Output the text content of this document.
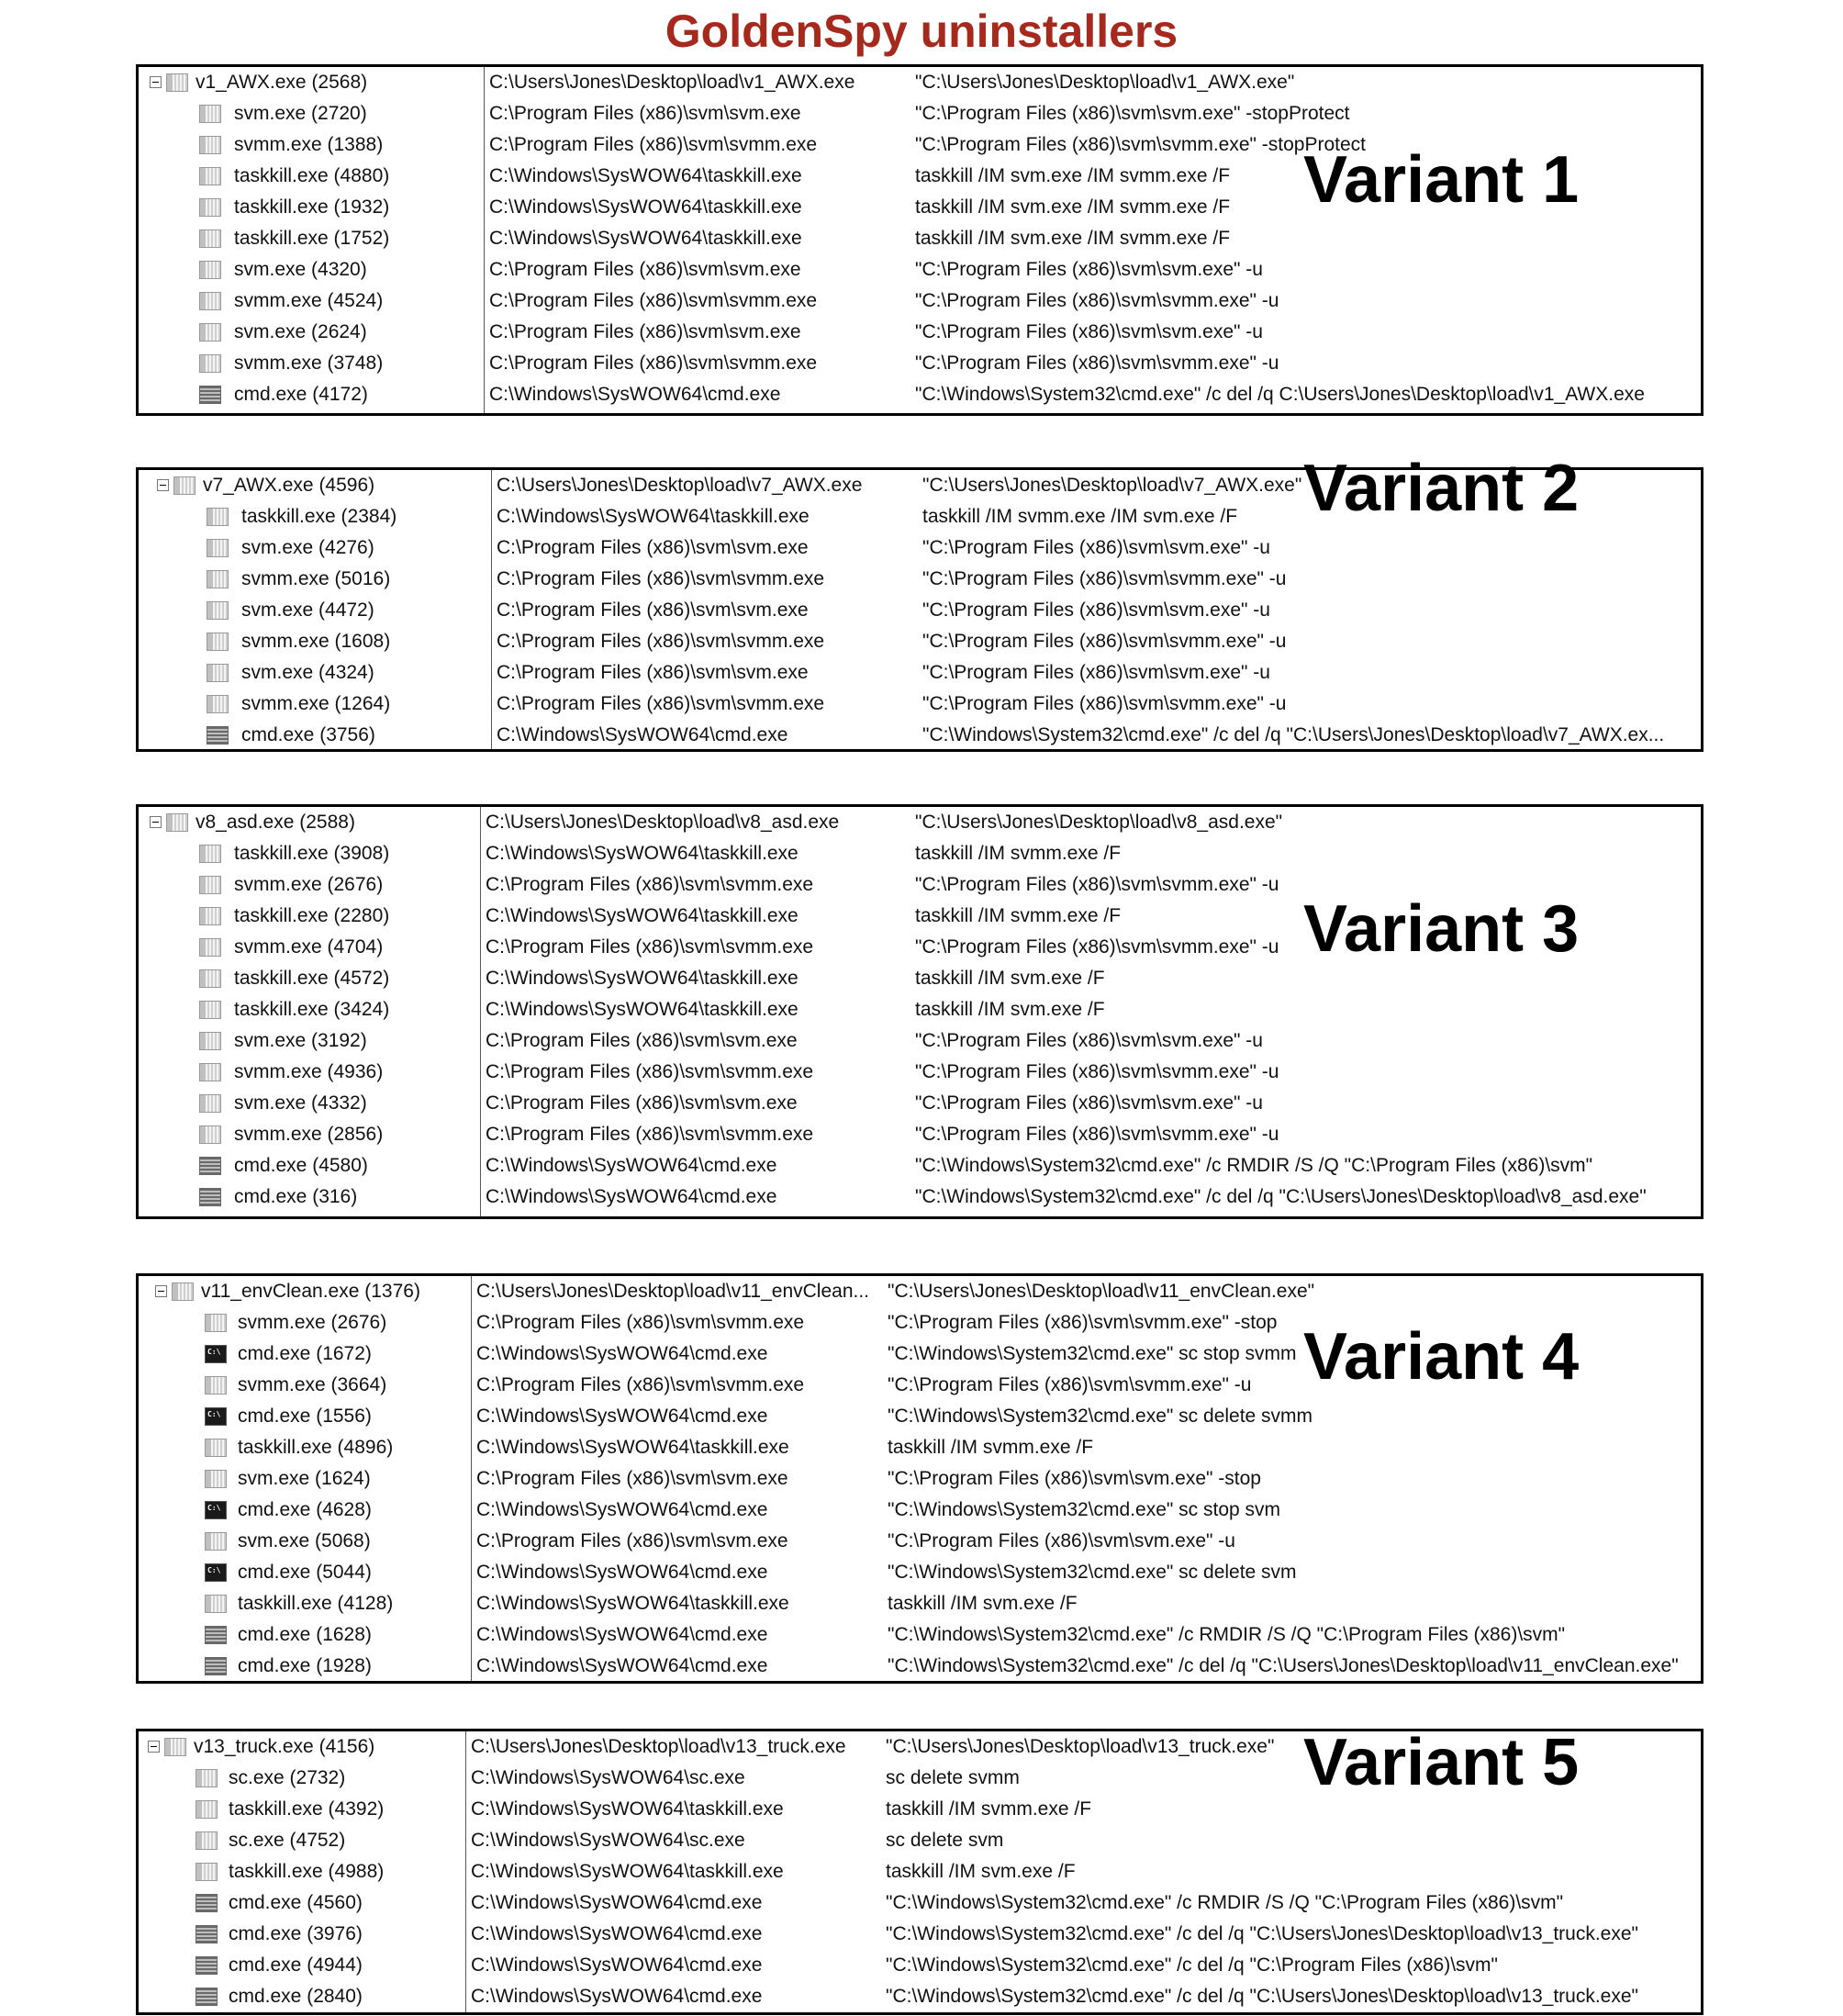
GoldenSpy uninstallers
v1_AWX.exe (2568)	C:\Users\Jones\Desktop\load\v1_AWX.exe	"C:\Users\Jones\Desktop\load\v1_AWX.exe"
svm.exe (2720)	C:\Program Files (x86)\svm\svm.exe	"C:\Program Files (x86)\svm\svm.exe" -stopProtect
svmm.exe (1388)	C:\Program Files (x86)\svm\svmm.exe	"C:\Program Files (x86)\svm\svmm.exe" -stopProtect
taskkill.exe (4880)	C:\Windows\SysWOW64\taskkill.exe	taskkill /IM svm.exe /IM svmm.exe /F
taskkill.exe (1932)	C:\Windows\SysWOW64\taskkill.exe	taskkill /IM svm.exe /IM svmm.exe /F
taskkill.exe (1752)	C:\Windows\SysWOW64\taskkill.exe	taskkill /IM svm.exe /IM svmm.exe /F
svm.exe (4320)	C:\Program Files (x86)\svm\svm.exe	"C:\Program Files (x86)\svm\svm.exe" -u
svmm.exe (4524)	C:\Program Files (x86)\svm\svmm.exe	"C:\Program Files (x86)\svm\svmm.exe" -u
svm.exe (2624)	C:\Program Files (x86)\svm\svm.exe	"C:\Program Files (x86)\svm\svm.exe" -u
svmm.exe (3748)	C:\Program Files (x86)\svm\svmm.exe	"C:\Program Files (x86)\svm\svmm.exe" -u
cmd.exe (4172)	C:\Windows\SysWOW64\cmd.exe	"C:\Windows\System32\cmd.exe" /c del /q C:\Users\Jones\Desktop\load\v1_AWX.exe
v7_AWX.exe (4596)	C:\Users\Jones\Desktop\load\v7_AWX.exe	"C:\Users\Jones\Desktop\load\v7_AWX.exe"
taskkill.exe (2384)	C:\Windows\SysWOW64\taskkill.exe	taskkill /IM svmm.exe /IM svm.exe /F
svm.exe (4276)	C:\Program Files (x86)\svm\svm.exe	"C:\Program Files (x86)\svm\svm.exe" -u
svmm.exe (5016)	C:\Program Files (x86)\svm\svmm.exe	"C:\Program Files (x86)\svm\svmm.exe" -u
svm.exe (4472)	C:\Program Files (x86)\svm\svm.exe	"C:\Program Files (x86)\svm\svm.exe" -u
svmm.exe (1608)	C:\Program Files (x86)\svm\svmm.exe	"C:\Program Files (x86)\svm\svmm.exe" -u
svm.exe (4324)	C:\Program Files (x86)\svm\svm.exe	"C:\Program Files (x86)\svm\svm.exe" -u
svmm.exe (1264)	C:\Program Files (x86)\svm\svmm.exe	"C:\Program Files (x86)\svm\svmm.exe" -u
cmd.exe (3756)	C:\Windows\SysWOW64\cmd.exe	"C:\Windows\System32\cmd.exe" /c del /q "C:\Users\Jones\Desktop\load\v7_AWX.ex...
v8_asd.exe (2588)	C:\Users\Jones\Desktop\load\v8_asd.exe	"C:\Users\Jones\Desktop\load\v8_asd.exe"
taskkill.exe (3908)	C:\Windows\SysWOW64\taskkill.exe	taskkill /IM svmm.exe /F
svmm.exe (2676)	C:\Program Files (x86)\svm\svmm.exe	"C:\Program Files (x86)\svm\svmm.exe" -u
taskkill.exe (2280)	C:\Windows\SysWOW64\taskkill.exe	taskkill /IM svmm.exe /F
svmm.exe (4704)	C:\Program Files (x86)\svm\svmm.exe	"C:\Program Files (x86)\svm\svmm.exe" -u
taskkill.exe (4572)	C:\Windows\SysWOW64\taskkill.exe	taskkill /IM svm.exe /F
taskkill.exe (3424)	C:\Windows\SysWOW64\taskkill.exe	taskkill /IM svm.exe /F
svm.exe (3192)	C:\Program Files (x86)\svm\svm.exe	"C:\Program Files (x86)\svm\svm.exe" -u
svmm.exe (4936)	C:\Program Files (x86)\svm\svmm.exe	"C:\Program Files (x86)\svm\svmm.exe" -u
svm.exe (4332)	C:\Program Files (x86)\svm\svm.exe	"C:\Program Files (x86)\svm\svm.exe" -u
svmm.exe (2856)	C:\Program Files (x86)\svm\svmm.exe	"C:\Program Files (x86)\svm\svmm.exe" -u
cmd.exe (4580)	C:\Windows\SysWOW64\cmd.exe	"C:\Windows\System32\cmd.exe" /c RMDIR /S /Q "C:\Program Files (x86)\svm"
cmd.exe (316)	C:\Windows\SysWOW64\cmd.exe	"C:\Windows\System32\cmd.exe" /c del /q "C:\Users\Jones\Desktop\load\v8_asd.exe"
v11_envClean.exe (1376)	C:\Users\Jones\Desktop\load\v11_envClean... "C:\Users\Jones\Desktop\load\v11_envClean.exe"
svmm.exe (2676)	C:\Program Files (x86)\svm\svmm.exe	"C:\Program Files (x86)\svm\svmm.exe" -stop
C:\
cmd.exe (1672)	C:\Windows\SysWOW64\cmd.exe	"C:\Windows\System32\cmd.exe" sc stop svmm
svmm.exe (3664)	C:\Program Files (x86)\svm\svmm.exe	"C:\Program Files (x86)\svm\svmm.exe" -u
C:\
cmd.exe (1556)	C:\Windows\SysWOW64\cmd.exe	"C:\Windows\System32\cmd.exe" sc delete svmm
taskkill.exe (4896)	C:\Windows\SysWOW64\taskkill.exe	taskkill /IM svmm.exe /F
svm.exe (1624)	C:\Program Files (x86)\svm\svm.exe	"C:\Program Files (x86)\svm\svm.exe" -stop
C:\
cmd.exe (4628)	C:\Windows\SysWOW64\cmd.exe	"C:\Windows\System32\cmd.exe" sc stop svm
svm.exe (5068)	C:\Program Files (x86)\svm\svm.exe	"C:\Program Files (x86)\svm\svm.exe" -u
C:\
cmd.exe (5044)	C:\Windows\SysWOW64\cmd.exe	"C:\Windows\System32\cmd.exe" sc delete svm
taskkill.exe (4128)	C:\Windows\SysWOW64\taskkill.exe	taskkill /IM svm.exe /F
cmd.exe (1628)	C:\Windows\SysWOW64\cmd.exe	"C:\Windows\System32\cmd.exe" /c RMDIR /S /Q "C:\Program Files (x86)\svm"
cmd.exe (1928)	C:\Windows\SysWOW64\cmd.exe	"C:\Windows\System32\cmd.exe" /c del /q "C:\Users\Jones\Desktop\load\v11_envClean.exe"
v13_truck.exe (4156)	C:\Users\Jones\Desktop\load\v13_truck.exe	"C:\Users\Jones\Desktop\load\v13_truck.exe"
sc.exe (2732)	C:\Windows\SysWOW64\sc.exe	sc delete svmm
taskkill.exe (4392)	C:\Windows\SysWOW64\taskkill.exe	taskkill /IM svmm.exe /F
sc.exe (4752)	C:\Windows\SysWOW64\sc.exe	sc delete svm
taskkill.exe (4988)	C:\Windows\SysWOW64\taskkill.exe	taskkill /IM svm.exe /F
cmd.exe (4560)	C:\Windows\SysWOW64\cmd.exe	"C:\Windows\System32\cmd.exe" /c RMDIR /S /Q "C:\Program Files (x86)\svm"
cmd.exe (3976)	C:\Windows\SysWOW64\cmd.exe	"C:\Windows\System32\cmd.exe" /c del /q "C:\Users\Jones\Desktop\load\v13_truck.exe"
cmd.exe (4944)	C:\Windows\SysWOW64\cmd.exe	"C:\Windows\System32\cmd.exe" /c del /q "C:\Program Files (x86)\svm"
cmd.exe (2840)	C:\Windows\SysWOW64\cmd.exe	"C:\Windows\System32\cmd.exe" /c del /q "C:\Users\Jones\Desktop\load\v13_truck.exe"
Variant 1
Variant 2
Variant 3
Variant 4
Variant 5
